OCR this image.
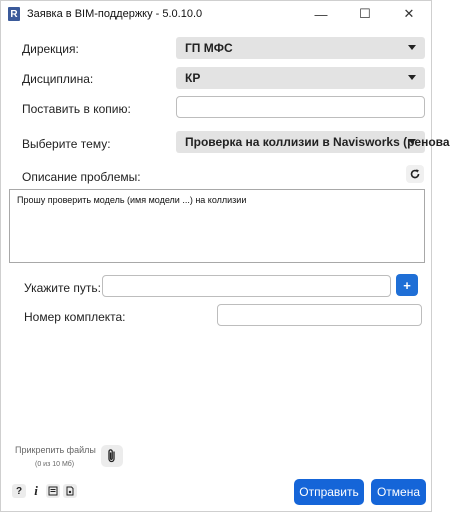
R Заявка в BIM-поддержку - 5.0.10.0	— ☐	✕
Дирекция:	ГП МФС
Дисциплина:	КР
Поставить в копию:
Выберите тему:	Проверка на коллизии в Navisworks (ренова
Описание проблемы:
Прошу проверить модель (имя модели ...) на коллизии
Укажите путь:	+
Номер комплекта:
Прикрепить файлы
(0 из 10 Мб)
? i	Отправить	Отмена
